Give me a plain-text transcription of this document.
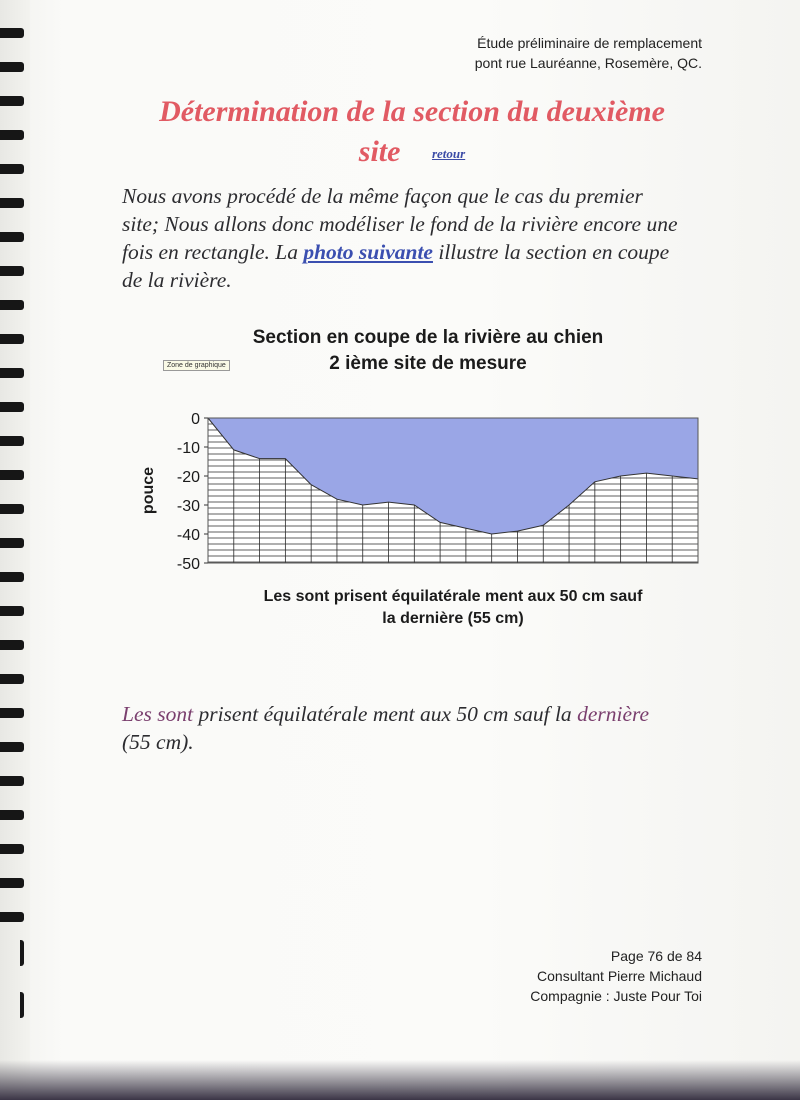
Étude préliminaire de remplacement
pont rue Lauréanne, Rosemère, QC.
Détermination de la section du deuxième
site retour
Nous avons procédé de la même façon que le cas du premier site; Nous allons donc modéliser le fond de la rivière encore une fois en rectangle. La photo suivante illustre la section en coupe de la rivière.
Section en coupe de la rivière au chien
2 ième site de mesure
Zone de graphique
0
-10
-20
-30
-40
-50
pouce
Les sont prisent équilatérale ment aux 50 cm sauf
la dernière (55 cm)
Les sont prisent équilatérale ment aux 50 cm sauf la dernière (55 cm).
Page 76 de 84
Consultant Pierre Michaud
Compagnie : Juste Pour Toi
